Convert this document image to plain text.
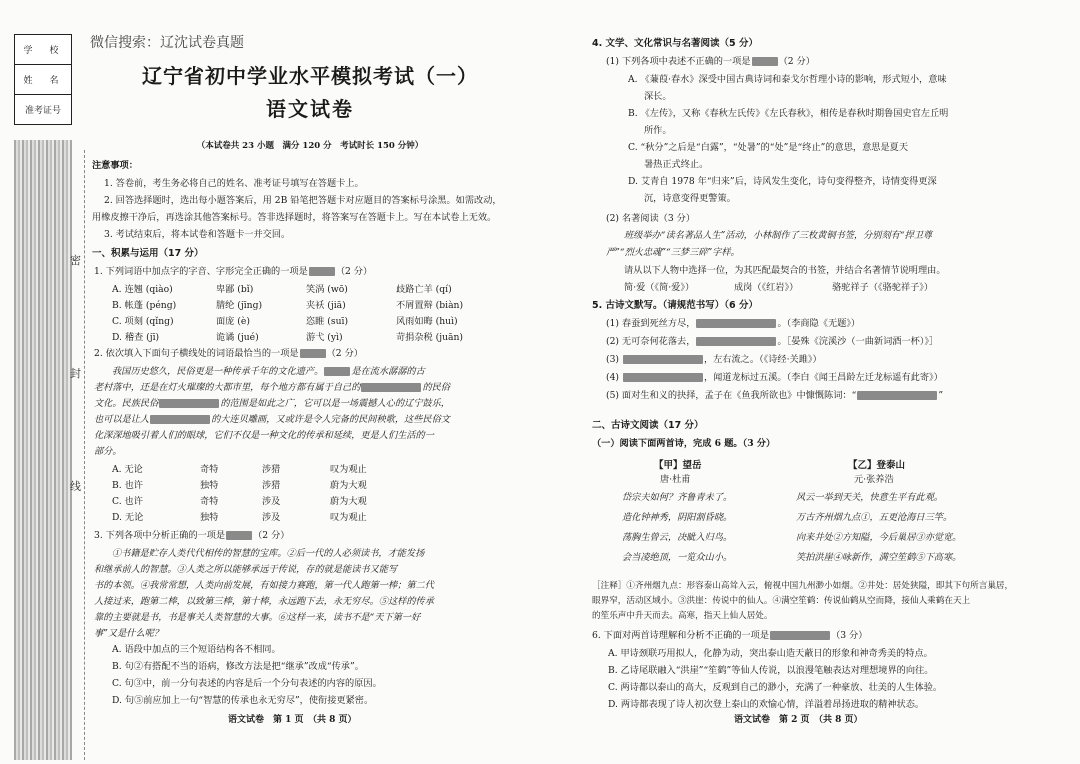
密
封
线
学　校
姓　名
准考证号
微信搜索：辽沈试卷真题
辽宁省初中学业水平模拟考试（一）
语文试卷
（本试卷共 23 小题　满分 120 分　考试时长 150 分钟）
注意事项：
1. 答卷前，考生务必将自己的姓名、准考证号填写在答题卡上。
2. 回答选择题时，选出每小题答案后，用 2B 铅笔把答题卡对应题目的答案标号涂黑。如需改动，
用橡皮擦干净后，再选涂其他答案标号。答非选择题时，将答案写在答题卡上。写在本试卷上无效。
3. 考试结束后，将本试卷和答题卡一并交回。
一、积累与运用（17 分）
1. 下列词语中加点字的字音、字形完全正确的一项是	（2 分）
A. 连翘 (qiào)	卑鄙 (bǐ)	笑涡 (wō)	歧路亡羊 (qí)
B. 帐蓬 (péng)	腈纶 (jīng)	夹袄 (jiā)	不屑置辩 (biàn)
C. 项刻 (qǐng)	面庞 (è)	恣睢 (suī)	风雨如晦 (huì)
D. 稽查 (jī)	诡谲 (jué)	游弋 (yì)	苛捐杂税 (juān)
2. 依次填入下面句子横线处的词语最恰当的一项是	（2 分）
我国历史悠久，民俗更是一种传承千年的文化遗产。	是在流水潺潺的古
老村落中，还是在灯火璀璨的大都市里，每个地方都有属于自己的	的民俗
文化。民族民俗	的范围是如此之广，它可以是一场震撼人心的辽宁鼓乐，
也可以是让人	的大连贝雕画，又或许是令人完备的民间秧歌，这些民俗文
化深深地吸引着人们的眼球，它们不仅是一种文化的传承和延续，更是人们生活的一
部分。
A. 无论	奇特	涉猎	叹为观止
B. 也许	独特	涉猎	蔚为大观
C. 也许	奇特	涉及	蔚为大观
D. 无论	独特	涉及	叹为观止
3. 下列各项中分析正确的一项是	（2 分）
①书籍是贮存人类代代相传的智慧的宝库。②后一代的人必须读书，才能发扬
和继承前人的智慧。③人类之所以能够承远于传说，存的就是能读书又能写
书的本领。④我常常想，人类向前发展，有如接力赛跑，第一代人跑第一棒；第二代
人接过来，跑第二棒，以致第三棒，第十棒，永远跑下去，永无穷尽。⑤这样的传承
靠的主要就是书，书是事关人类智慧的大事。⑥这样一来，读书不是“天下第一好
事”又是什么呢？
A. 语段中加点的三个短语结构各不相同。
B. 句②有搭配不当的语病，修改方法是把“继承”改成“传承”。
C. 句③中，前一分句表述的内容是后一个分句表述的内容的原因。
D. 句⑤前应加上一句“智慧的传承也永无穷尽”，使衔接更紧密。
语文试卷　第 1 页　（共 8 页）
4. 文学、文化常识与名著阅读（5 分）
(1) 下列各项中表述不正确的一项是	（2 分）
A. 《蒹葭·春水》深受中国古典诗词和泰戈尔哲理小诗的影响，形式短小，意味
深长。
B. 《左传》，又称《春秋左氏传》《左氏春秋》，相传是春秋时期鲁国史官左丘明
所作。
C. “秋分”之后是“白露”，“处暑”的“处”是“终止”的意思，意思是夏天
暑热正式终止。
D. 艾青自 1978 年“归来”后，诗风发生变化，诗句变得整齐，诗情变得更深
沉，诗意变得更警策。
(2) 名著阅读（3 分）
班级举办“读名著品人生”活动，小林制作了三枚黄铜书签，分别刻有“捍卫尊
严”“烈火忠魂”“三梦三碎”字样。
请从以下人物中选择一位，为其匹配最契合的书签，并结合名著情节说明理由。
简·爱（《简·爱》）	成岗（《红岩》）	骆驼祥子（《骆驼祥子》）
5. 古诗文默写。（请规范书写）（6 分）
(1) 春蚕到死丝方尽，	。（李商隐《无题》）
(2) 无可奈何花落去，	。［晏殊《浣溪沙（一曲新词酒一杯）》］
(3)	，左右流之。（《诗经·关雎》）
(4)	，闻道龙标过五溪。（李白《闻王昌龄左迁龙标遥有此寄》）
(5) 面对生和义的抉择，孟子在《鱼我所欲也》中慷慨陈词：“	”
二、古诗文阅读（17 分）
（一）阅读下面两首诗，完成 6 题。（3 分）
【甲】望岳
唐·杜甫
【乙】登泰山
元·张养浩
岱宗夫如何？齐鲁青未了。
造化钟神秀，阴阳割昏晓。
荡胸生曾云，决眦入归鸟。
会当凌绝顶，一览众山小。
风云一举到天关，快意生平有此观。
万古齐州烟九点①，五更沧海日三竿。
向来井处②方知隘，今后巢居③亦觉宽。
笑拍洪崖④咏新作，满空笙鹤⑤下高寒。
［注释］①齐州烟九点：形容泰山高耸入云，俯视中国九州渺小如烟。②井处：居处狭隘，即其下句所言巢居，
眼界窄，活动区域小。③洪崖：传说中的仙人。④满空笙鹤：传说仙鹤从空而降，接仙人乘鹤在天上
的笙乐声中升天而去。高寒，指天上仙人居处。
6. 下面对两首诗理解和分析不正确的一项是	（3 分）
A. 甲诗颈联巧用拟人，化静为动，突出泰山造天蔽日的形象和神奇秀美的特点。
B. 乙诗尾联融入“洪崖”“笙鹤”等仙人传说，以浪漫笔触表达对理想境界的向往。
C. 两诗都以泰山的高大，反观到自己的渺小，充满了一种豪放、壮美的人生体验。
D. 两诗都表现了诗人初次登上泰山的欢愉心情，洋溢着昂扬进取的精神状态。
语文试卷　第 2 页　（共 8 页）
